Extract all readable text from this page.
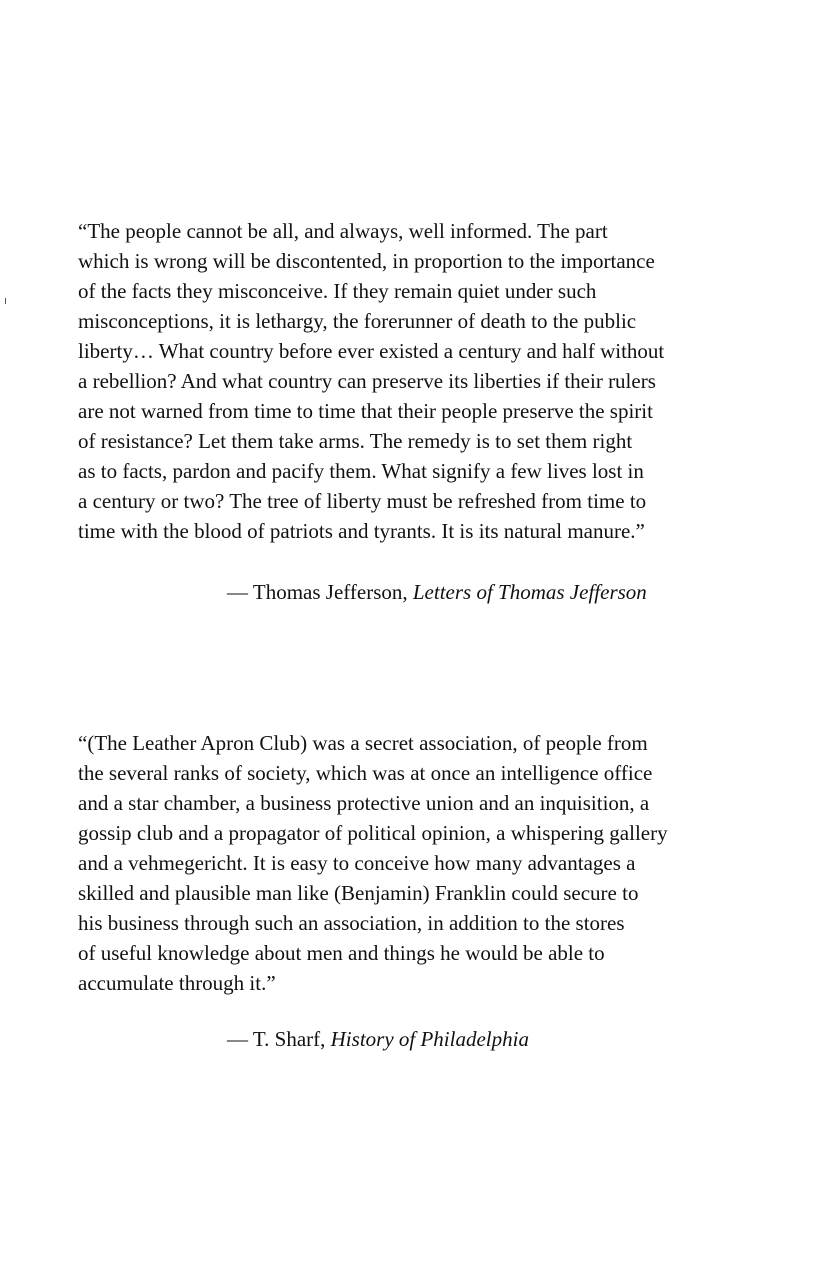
“The people cannot be all, and always, well informed. The part
which is wrong will be discontented, in proportion to the importance
of the facts they misconceive. If they remain quiet under such
misconceptions, it is lethargy, the forerunner of death to the public
liberty… What country before ever existed a century and half without
a rebellion? And what country can preserve its liberties if their rulers
are not warned from time to time that their people preserve the spirit
of resistance? Let them take arms. The remedy is to set them right
as to facts, pardon and pacify them. What signify a few lives lost in
a century or two? The tree of liberty must be refreshed from time to
time with the blood of patriots and tyrants. It is its natural manure.”

— Thomas Jefferson, Letters of Thomas Jefferson

“(The Leather Apron Club) was a secret association, of people from
the several ranks of society, which was at once an intelligence office
and a star chamber, a business protective union and an inquisition, a
gossip club and a propagator of political opinion, a whispering gallery
and a vehmegericht. It is easy to conceive how many advantages a
skilled and plausible man like (Benjamin) Franklin could secure to
his business through such an association, in addition to the stores
of useful knowledge about men and things he would be able to
accumulate through it.”

— T. Sharf, History of Philadelphia
